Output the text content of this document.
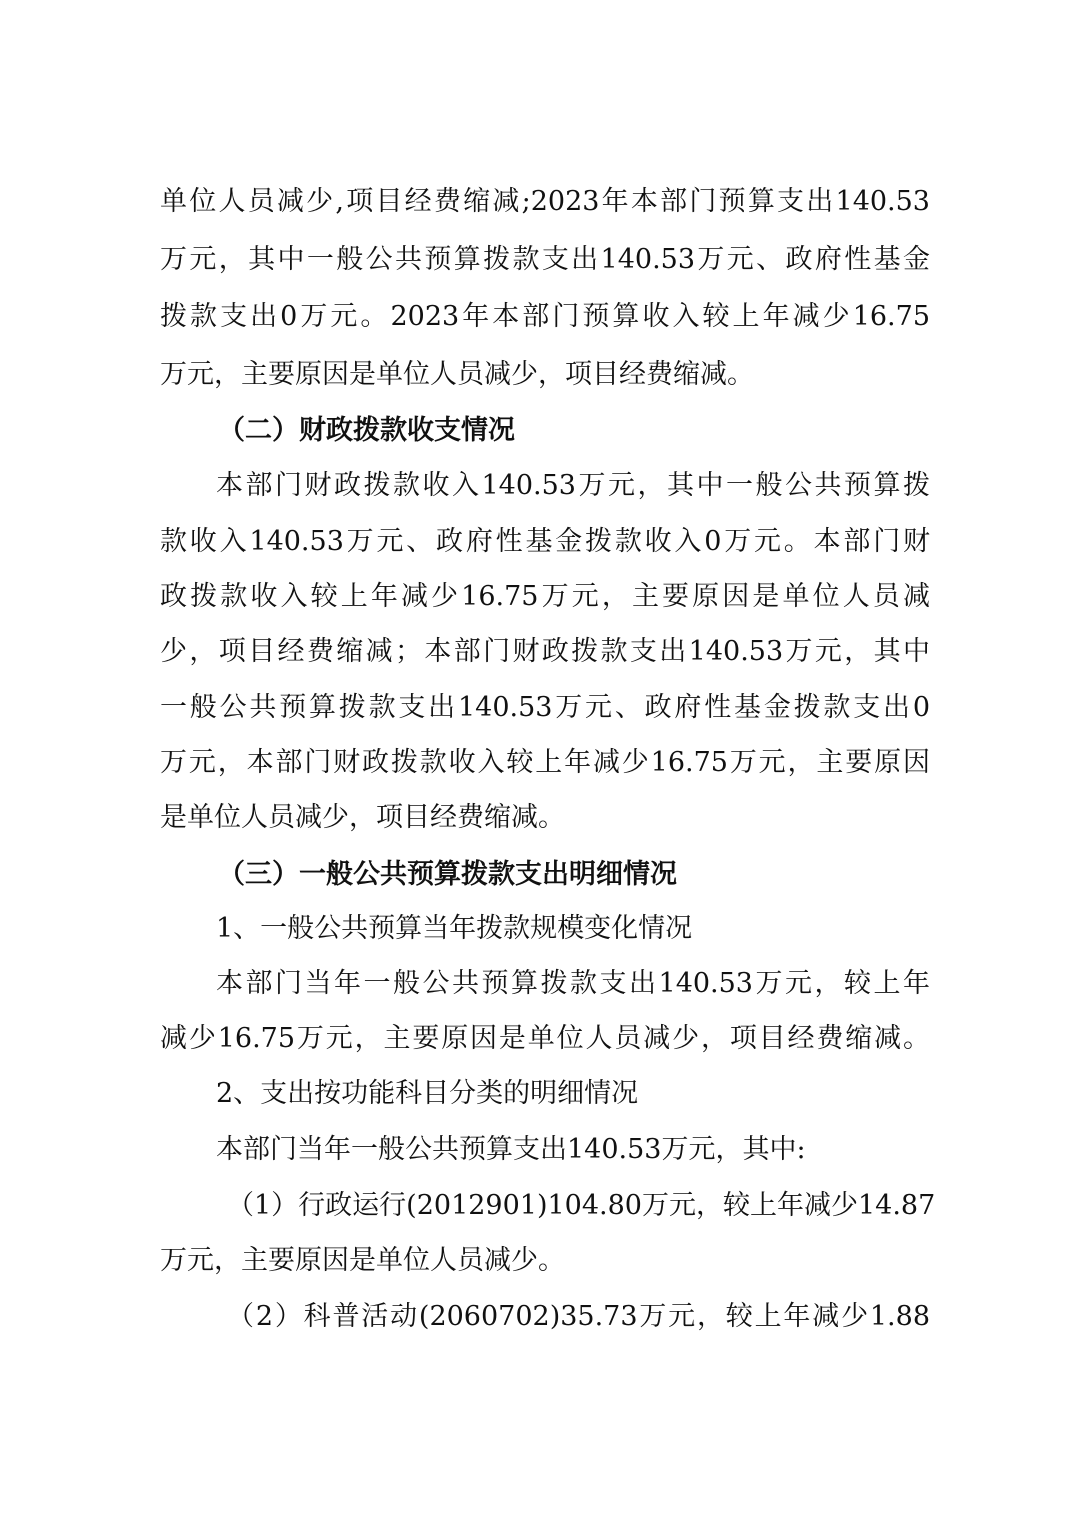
单位人员减少,项目经费缩减;2023年本部门预算支出140.53
万元，其中一般公共预算拨款支出140.53万元、政府性基金
拨款支出0万元。2023年本部门预算收入较上年减少16.75
万元，主要原因是单位人员减少，项目经费缩减。
（二）财政拨款收支情况
本部门财政拨款收入140.53万元，其中一般公共预算拨
款收入140.53万元、政府性基金拨款收入0万元。本部门财
政拨款收入较上年减少16.75万元，主要原因是单位人员减
少，项目经费缩减；本部门财政拨款支出140.53万元，其中
一般公共预算拨款支出140.53万元、政府性基金拨款支出0
万元，本部门财政拨款收入较上年减少16.75万元，主要原因
是单位人员减少，项目经费缩减。
（三）一般公共预算拨款支出明细情况
1、一般公共预算当年拨款规模变化情况
本部门当年一般公共预算拨款支出140.53万元，较上年
减少16.75万元，主要原因是单位人员减少，项目经费缩减。
2、支出按功能科目分类的明细情况
本部门当年一般公共预算支出140.53万元，其中:
（1）行政运行(2012901)104.80万元，较上年减少14.87
万元，主要原因是单位人员减少。
（2）科普活动(2060702)35.73万元，较上年减少1.88
